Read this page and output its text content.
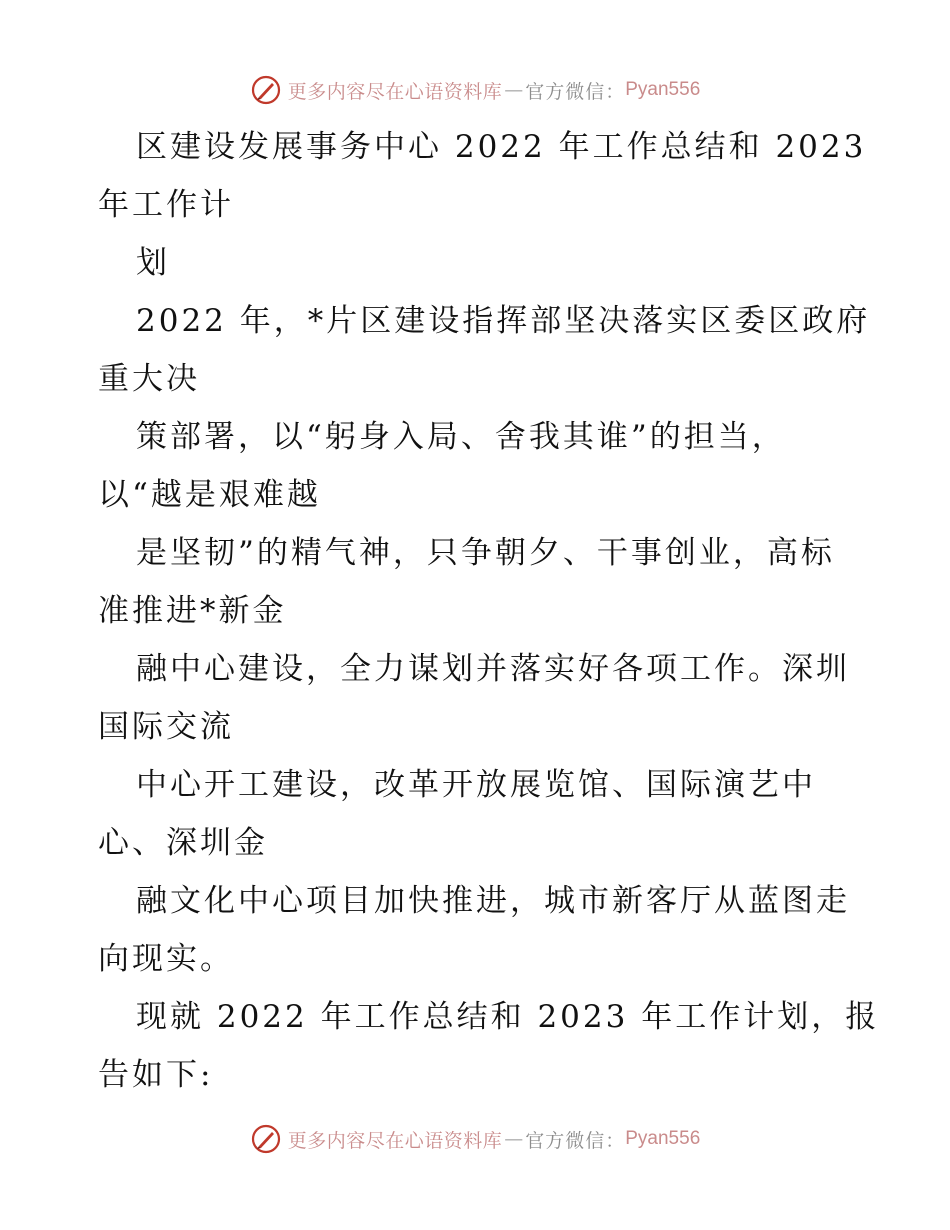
更多内容尽在心语资料库 — 官方微信： Pyan556
区建设发展事务中心 2022 年工作总结和 2023
年工作计
划
2022 年，*片区建设指挥部坚决落实区委区政府
重大决
策部署，以“躬身入局、舍我其谁”的担当，
以“越是艰难越
是坚韧”的精气神，只争朝夕、干事创业，高标
准推进*新金
融中心建设，全力谋划并落实好各项工作。深圳
国际交流
中心开工建设，改革开放展览馆、国际演艺中
心、深圳金
融文化中心项目加快推进，城市新客厅从蓝图走
向现实。
现就 2022 年工作总结和 2023 年工作计划，报
告如下:
更多内容尽在心语资料库 — 官方微信： Pyan556
